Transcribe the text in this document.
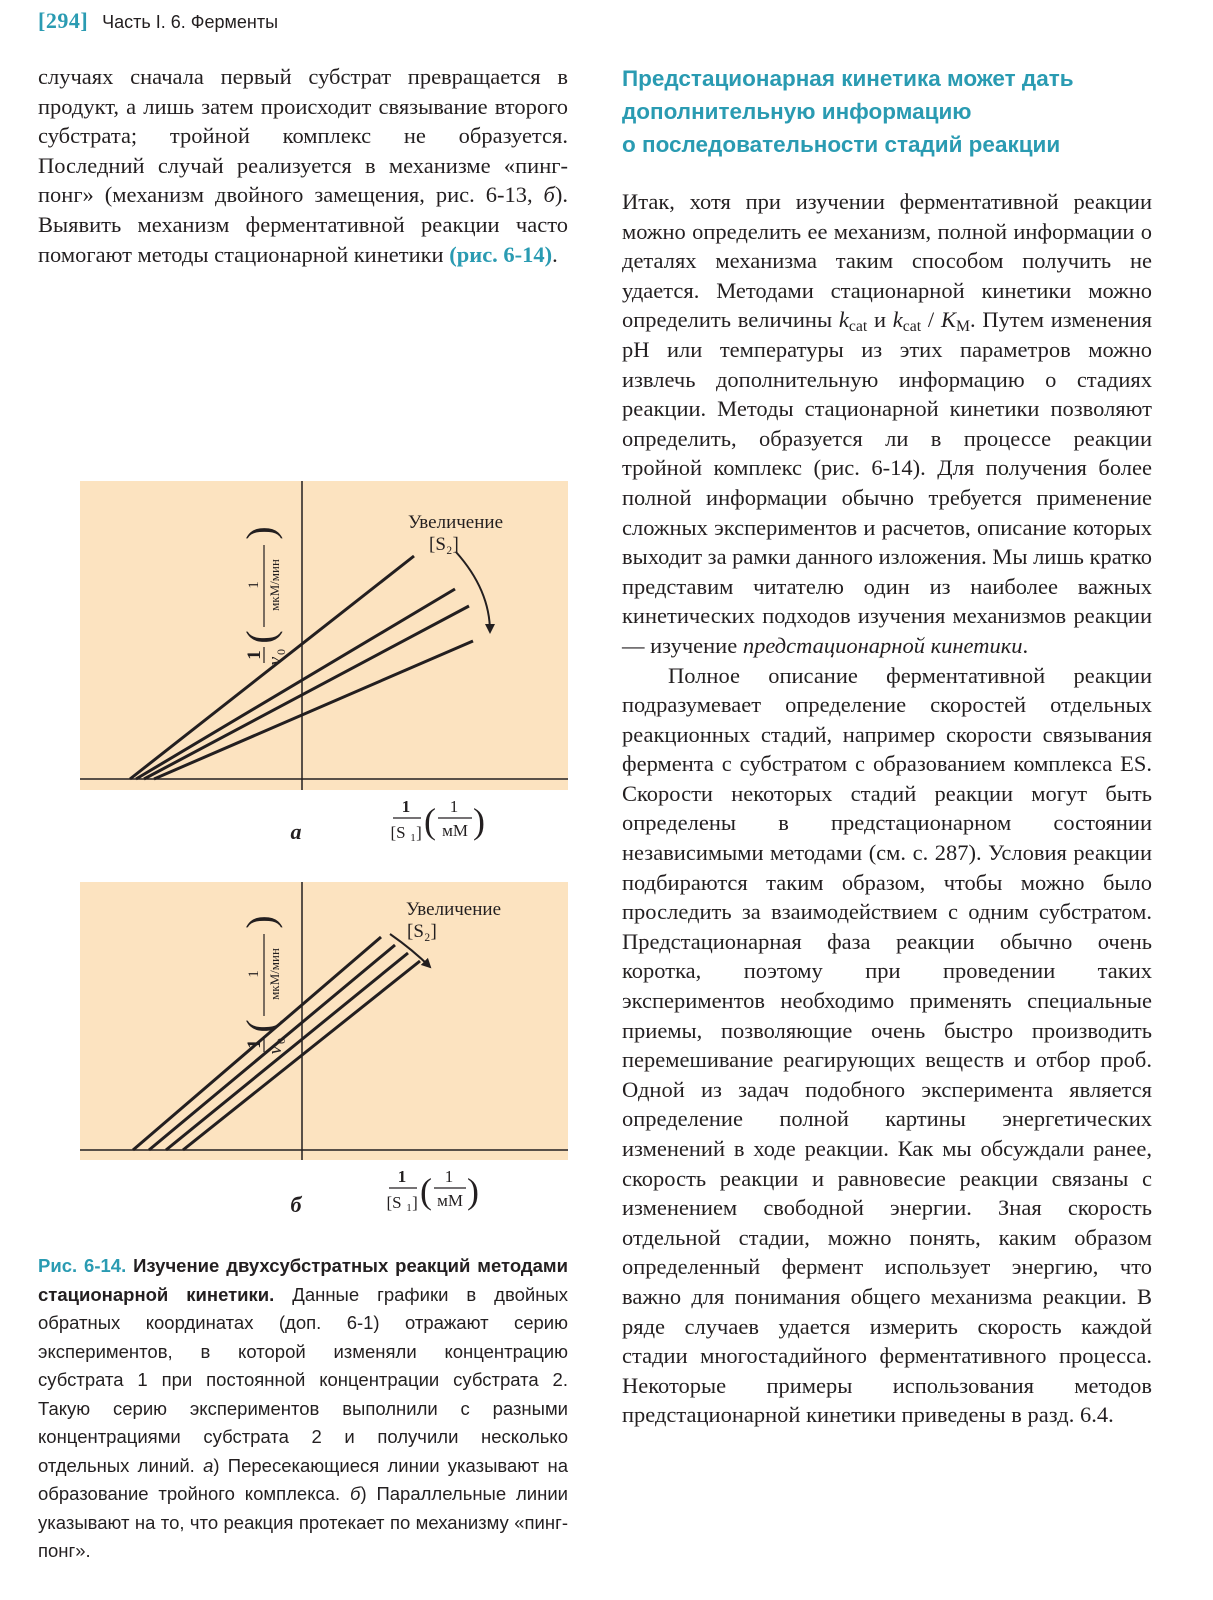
[294] Часть I. 6. Ферменты

случаях сначала первый субстрат превращается в продукт, а лишь затем происходит связывание второго субстрата; тройной комплекс не образуется. Последний случай реализуется в механизме «пинг-понг» (механизм двойного замещения, рис. 6-13, б). Выявить механизм ферментативной реакции часто помогают методы стационарной кинетики (рис. 6-14).

Предстационарная кинетика может дать
дополнительную информацию
о последовательности стадий реакции

Итак, хотя при изучении ферментативной реакции можно определить ее механизм, полной информации о деталях механизма таким способом получить не удается. Методами стационарной кинетики можно определить величины $k_{cat}$ и $k_{cat} / K_M$. Путем изменения pH или температуры из этих параметров можно извлечь дополнительную информацию о стадиях реакции. Методы стационарной кинетики позволяют определить, образуется ли в процессе реакции тройной комплекс (рис. 6-14). Для получения более полной информации обычно требуется применение сложных экспериментов и расчетов, описание которых выходит за рамки данного изложения. Мы лишь кратко представим читателю один из наиболее важных кинетических подходов изучения механизмов реакции — изучение предстационарной кинетики.

Полное описание ферментативной реакции подразумевает определение скоростей отдельных реакционных стадий, например скорости связывания фермента с субстратом с образованием комплекса ES. Скорости некоторых стадий реакции могут быть определены в предстационарном состоянии независимыми методами (см. с. 287). Условия реакции подбираются таким образом, чтобы можно было проследить за взаимодействием с одним субстратом. Предстационарная фаза реакции обычно очень коротка, поэтому при проведении таких экспериментов необходимо применять специальные приемы, позволяющие очень быстро производить перемешивание реагирующих веществ и отбор проб. Одной из задач подобного эксперимента является определение полной картины энергетических изменений в ходе реакции. Как мы обсуждали ранее, скорость реакции и равновесие реакции связаны с изменением свободной энергии. Зная скорость отдельной стадии, можно понять, каким образом определенный фермент использует энергию, что важно для понимания общего механизма реакции. В ряде случаев удается измерить скорость каждой стадии многостадийного ферментативного процесса. Некоторые примеры использования методов предстационарной кинетики приведены в разд. 6.4.

Увеличение
[S₂]
1
v
0
(
1 мкМ/мин
)
1
[S 1 ] ( 1
мМ )
а
Увеличение
[S₂]
1
v
0
(
1 мкМ/мин
)
1
[S 1 ] ( 1
мМ )
б

Рис. 6-14. Изучение двухсубстратных реакций методами стационарной кинетики. Данные графики в двойных обратных координатах (доп. 6-1) отражают серию экспериментов, в которой изменяли концентрацию субстрата 1 при постоянной концентрации субстрата 2. Такую серию экспериментов выполнили с разными концентрациями субстрата 2 и получили несколько отдельных линий. а) Пересекающиеся линии указывают на образование тройного комплекса. б) Параллельные линии указывают на то, что реакция протекает по механизму «пинг-понг».
